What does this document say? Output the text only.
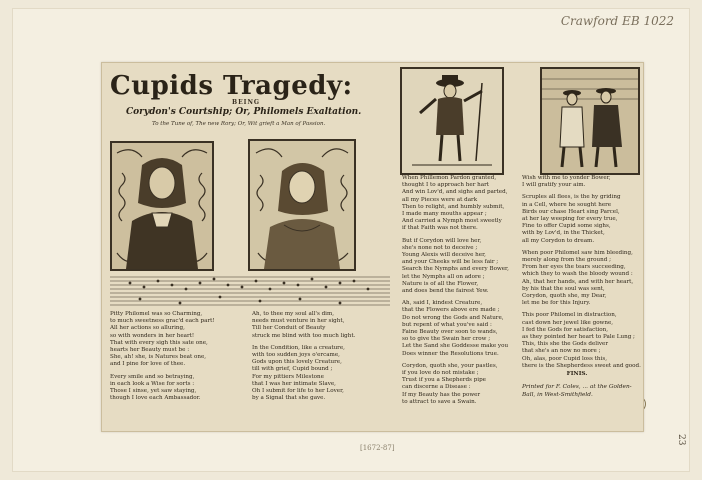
Crawford EB 1022
[1672-87]
23
Cupids Tragedy:
BEING
Corydon's Courtship; Or, Philomels Exaltation.
To the Tune of, The new Rory; Or, Wit grieft a Man of Passion.
Pitty Philomel was so Charming,
to much sweetness grac'd each part!
All her actions so alluring,
so with wonders in her heart!
That with every sigh this sate one,
hearts her Beauty must be :
She, ah! she, is Natures beat one,
and I pine for love of thee.
Every smile and so betraying,
in each look a Wise for sorts :
Those I sinse, yet saw staying,
though I love each Ambassador.
Ah, to thee my soul all's dim,
needs must venture in her sight,
Till her Conduit of Beauty
struck me blind with too much light.
In the Condition, like a creature,
with too sudden joys o'ercame,
Gods upon this lovely Creature,
till with grief, Cupid bound ;
For my pittiers Milestone
that I was her intimate Slave,
Oh I submit for life to her Lover,
by a Signal that she gave.
When Phillemon Pardon granted,
thought I to approach her hart
And win Lov'd, and sighs and parted,
all my Pieces were at dark
Then to relight, and humbly submit,
I made many mouths appear ;
And carried a Nymph most sweetly
if that Faith was not there.
But if Corydon will love her,
she's none not to deceive ;
Young Alexis will deceive her,
and your Cheeks will be less fair ;
Search the Nymphs and every Bower,
let the Nymphs all on adore ;
Nature is of all the Flower,
and does bend the fairest Yew.
Ah, said I, kindest Creature,
that the Flowers above ere made ;
Do not wrong the Gods and Nature,
but repent of what you've said :
Faine Beauty over soon to wands,
so to give the Swain her crow ;
Let the Sand she Goddesse make you
Does winner the Resolutions true.
Corydon, quoth she, your pastles,
if you love do not mistake ;
Trust if you a Shepherds pipe
can discerne a Disease :
If my Beauty has the power
to attract to save a Swain.
Wish with me to yonder Bower,
I will gratify your aim.
Scruples all flees, is the hy griding
in a Cell, where he sought here
Birds our chase Heart sing Parcel,
at her lay weeping for every true,
Fine to offer Cupid some sighs,
with by Lov'd, in the Thicket,
all my Corydon to dream.
When poor Philomel saw him bleeding,
merely along from the ground ;
From her eyes the tears succeeding,
which they to wash the bloody wound :
Ah, that her hands, and with her heart,
by his that the soul was sent,
Corydon, quoth she, my Dear,
let me be for this Injury.
This poor Philomel in distraction,
cast down her jewel like gowne,
I fed the Gods for satisfaction,
as they pointed her heart to Pale Lung ;
This, this she the Gods deliver
that she's an now no more ;
Oh, alas, poor Cupid loss this,
there is the Shepherdess sweet and good.
FINIS.
Printed for F. Coles, ... at the Golden-Ball, in West-Smithfield.
